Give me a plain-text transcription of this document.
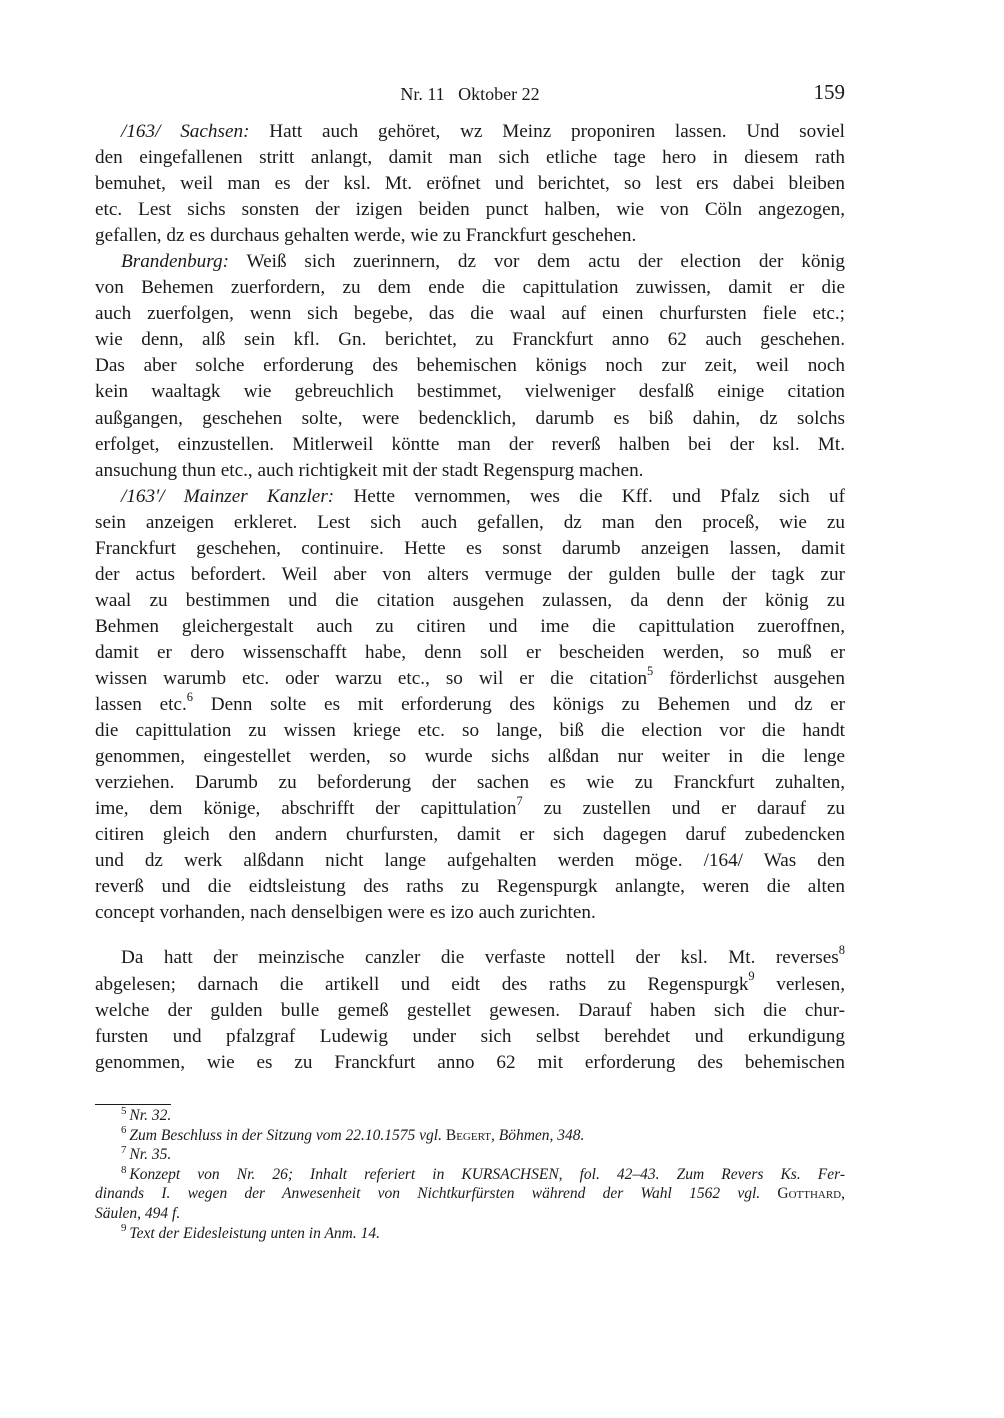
Nr. 11   Oktober 22	159
/163/ Sachsen: Hatt auch gehöret, wz Meinz proponiren lassen. Und soviel
den eingefallenen stritt anlangt, damit man sich etliche tage hero in diesem rath
bemuhet, weil man es der ksl. Mt. eröfnet und berichtet, so lest ers dabei bleiben
etc. Lest sichs sonsten der izigen beiden punct halben, wie von Cöln angezogen,
gefallen, dz es durchaus gehalten werde, wie zu Franckfurt geschehen.
Brandenburg: Weiß sich zuerinnern, dz vor dem actu der election der könig
von Behemen zuerfordern, zu dem ende die capittulation zuwissen, damit er die
auch zuerfolgen, wenn sich begebe, das die waal auf einen churfursten fiele etc.;
wie denn, alß sein kfl. Gn. berichtet, zu Franckfurt anno 62 auch geschehen.
Das aber solche erforderung des behemischen königs noch zur zeit, weil noch
kein waaltagk wie gebreuchlich bestimmet, vielweniger desfalß einige citation
außgangen, geschehen solte, were bedencklich, darumb es biß dahin, dz solchs
erfolget, einzustellen. Mitlerweil köntte man der reverß halben bei der ksl. Mt.
ansuchung thun etc., auch richtigkeit mit der stadt Regenspurg machen.
/163'/ Mainzer Kanzler: Hette vernommen, wes die Kff. und Pfalz sich uf
sein anzeigen erkleret. Lest sich auch gefallen, dz man den proceß, wie zu
Franckfurt geschehen, continuire. Hette es sonst darumb anzeigen lassen, damit
der actus befordert. Weil aber von alters vermuge der gulden bulle der tagk zur
waal zu bestimmen und die citation ausgehen zulassen, da denn der könig zu
Behmen gleichergestalt auch zu citiren und ime die capittulation zueroffnen,
damit er dero wissenschafft habe, denn soll er bescheiden werden, so muß er
wissen warumb etc. oder warzu etc., so wil er die citation$^5$ förderlichst ausgehen
lassen etc.$^6$ Denn solte es mit erforderung des königs zu Behemen und dz er
die capittulation zu wissen kriege etc. so lange, biß die election vor die handt
genommen, eingestellet werden, so wurde sichs alßdan nur weiter in die lenge
verziehen. Darumb zu beforderung der sachen es wie zu Franckfurt zuhalten,
ime, dem könige, abschrifft der capittulation$^7$ zu zustellen und er darauf zu
citiren gleich den andern churfursten, damit er sich dagegen daruf zubedencken
und dz werk alßdann nicht lange aufgehalten werden möge. /164/ Was den
reverß und die eidtsleistung des raths zu Regenspurgk anlangte, weren die alten
concept vorhanden, nach denselbigen were es izo auch zurichten.
Da hatt der meinzische canzler die verfaste nottell der ksl. Mt. reverses$^8$
abgelesen; darnach die artikell und eidt des raths zu Regenspurgk$^9$ verlesen,
welche der gulden bulle gemeß gestellet gewesen. Darauf haben sich die chur-
fursten und pfalzgraf Ludewig under sich selbst berehdet und erkundigung
genommen, wie es zu Franckfurt anno 62 mit erforderung des behemischen
$^5$ Nr. 32.
$^6$ Zum Beschluss in der Sitzung vom 22.10.1575 vgl. Begert, Böhmen, 348.
$^7$ Nr. 35.
$^8$ Konzept von Nr. 26; Inhalt referiert in KURSACHSEN, fol. 42–43. Zum Revers Ks. Fer-
dinands I. wegen der Anwesenheit von Nichtkurfürsten während der Wahl 1562 vgl. Gotthard,
Säulen, 494 f.
$^9$ Text der Eidesleistung unten in Anm. 14.
